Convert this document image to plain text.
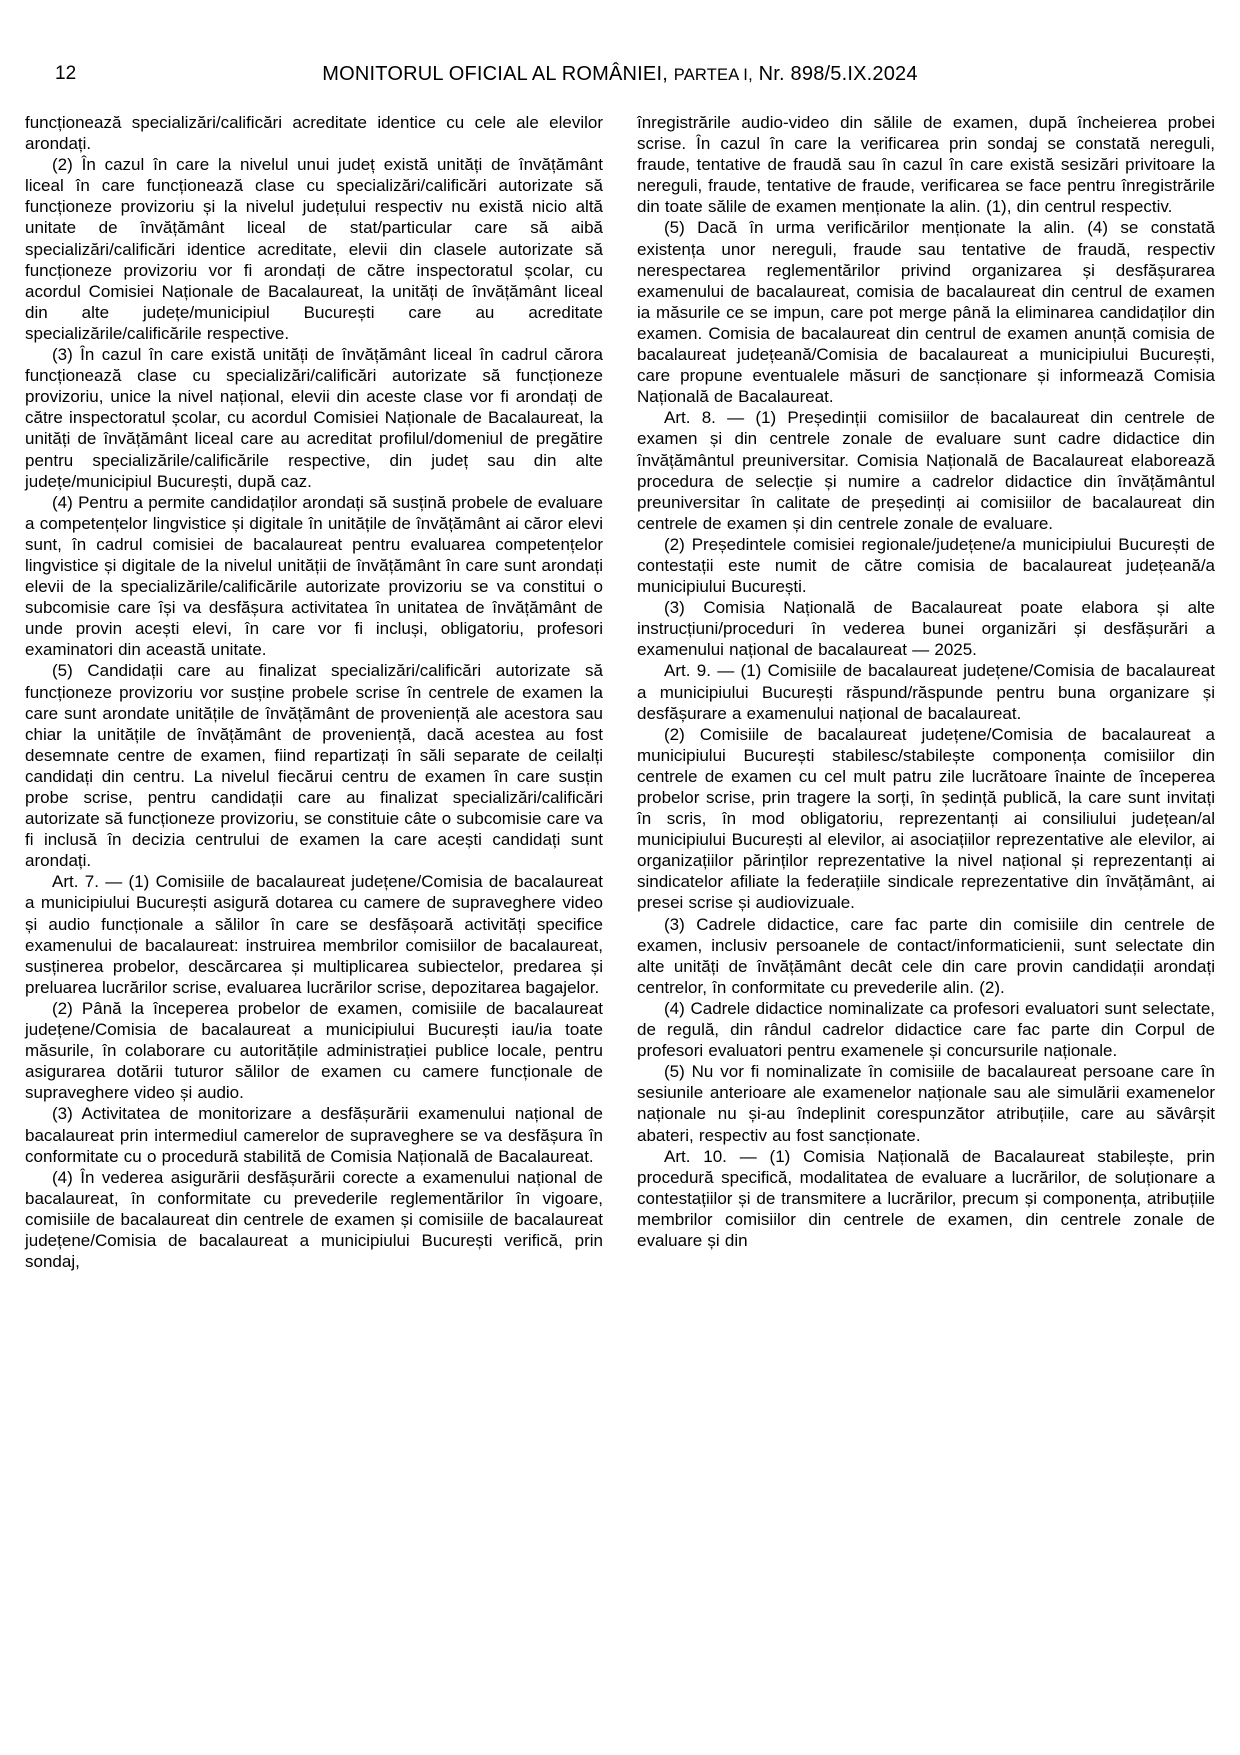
12	MONITORUL OFICIAL AL ROMÂNIEI, PARTEA I, Nr. 898/5.IX.2024

funcționează specializări/calificări acreditate identice cu cele ale elevilor arondați.

(2) În cazul în care la nivelul unui județ există unități de învățământ liceal în care funcționează clase cu specializări/calificări autorizate să funcționeze provizoriu și la nivelul județului respectiv nu există nicio altă unitate de învățământ liceal de stat/particular care să aibă specializări/calificări identice acreditate, elevii din clasele autorizate să funcționeze provizoriu vor fi arondați de către inspectoratul școlar, cu acordul Comisiei Naționale de Bacalaureat, la unități de învățământ liceal din alte județe/municipiul București care au acreditate specializările/calificările respective.

(3) În cazul în care există unități de învățământ liceal în cadrul cărora funcționează clase cu specializări/calificări autorizate să funcționeze provizoriu, unice la nivel național, elevii din aceste clase vor fi arondați de către inspectoratul școlar, cu acordul Comisiei Naționale de Bacalaureat, la unități de învățământ liceal care au acreditat profilul/domeniul de pregătire pentru specializările/calificările respective, din județ sau din alte județe/municipiul București, după caz.

(4) Pentru a permite candidaților arondați să susțină probele de evaluare a competențelor lingvistice și digitale în unitățile de învățământ ai căror elevi sunt, în cadrul comisiei de bacalaureat pentru evaluarea competențelor lingvistice și digitale de la nivelul unității de învățământ în care sunt arondați elevii de la specializările/calificările autorizate provizoriu se va constitui o subcomisie care își va desfășura activitatea în unitatea de învățământ de unde provin acești elevi, în care vor fi incluși, obligatoriu, profesori examinatori din această unitate.

(5) Candidații care au finalizat specializări/calificări autorizate să funcționeze provizoriu vor susține probele scrise în centrele de examen la care sunt arondate unitățile de învățământ de proveniență ale acestora sau chiar la unitățile de învățământ de proveniență, dacă acestea au fost desemnate centre de examen, fiind repartizați în săli separate de ceilalți candidați din centru. La nivelul fiecărui centru de examen în care susțin probe scrise, pentru candidații care au finalizat specializări/calificări autorizate să funcționeze provizoriu, se constituie câte o subcomisie care va fi inclusă în decizia centrului de examen la care acești candidați sunt arondați.

Art. 7. — (1) Comisiile de bacalaureat județene/Comisia de bacalaureat a municipiului București asigură dotarea cu camere de supraveghere video și audio funcționale a sălilor în care se desfășoară activități specifice examenului de bacalaureat: instruirea membrilor comisiilor de bacalaureat, susținerea probelor, descărcarea și multiplicarea subiectelor, predarea și preluarea lucrărilor scrise, evaluarea lucrărilor scrise, depozitarea bagajelor.

(2) Până la începerea probelor de examen, comisiile de bacalaureat județene/Comisia de bacalaureat a municipiului București iau/ia toate măsurile, în colaborare cu autoritățile administrației publice locale, pentru asigurarea dotării tuturor sălilor de examen cu camere funcționale de supraveghere video și audio.

(3) Activitatea de monitorizare a desfășurării examenului național de bacalaureat prin intermediul camerelor de supraveghere se va desfășura în conformitate cu o procedură stabilită de Comisia Națională de Bacalaureat.

(4) În vederea asigurării desfășurării corecte a examenului național de bacalaureat, în conformitate cu prevederile reglementărilor în vigoare, comisiile de bacalaureat din centrele de examen și comisiile de bacalaureat județene/Comisia de bacalaureat a municipiului București verifică, prin sondaj,

înregistrările audio-video din sălile de examen, după încheierea probei scrise. În cazul în care la verificarea prin sondaj se constată nereguli, fraude, tentative de fraudă sau în cazul în care există sesizări privitoare la nereguli, fraude, tentative de fraude, verificarea se face pentru înregistrările din toate sălile de examen menționate la alin. (1), din centrul respectiv.

(5) Dacă în urma verificărilor menționate la alin. (4) se constată existența unor nereguli, fraude sau tentative de fraudă, respectiv nerespectarea reglementărilor privind organizarea și desfășurarea examenului de bacalaureat, comisia de bacalaureat din centrul de examen ia măsurile ce se impun, care pot merge până la eliminarea candidaților din examen. Comisia de bacalaureat din centrul de examen anunță comisia de bacalaureat județeană/Comisia de bacalaureat a municipiului București, care propune eventualele măsuri de sancționare și informează Comisia Națională de Bacalaureat.

Art. 8. — (1) Președinții comisiilor de bacalaureat din centrele de examen și din centrele zonale de evaluare sunt cadre didactice din învățământul preuniversitar. Comisia Națională de Bacalaureat elaborează procedura de selecție și numire a cadrelor didactice din învățământul preuniversitar în calitate de președinți ai comisiilor de bacalaureat din centrele de examen și din centrele zonale de evaluare.

(2) Președintele comisiei regionale/județene/a municipiului București de contestații este numit de către comisia de bacalaureat județeană/a municipiului București.

(3) Comisia Națională de Bacalaureat poate elabora și alte instrucțiuni/proceduri în vederea bunei organizări și desfășurări a examenului național de bacalaureat — 2025.

Art. 9. — (1) Comisiile de bacalaureat județene/Comisia de bacalaureat a municipiului București răspund/răspunde pentru buna organizare și desfășurare a examenului național de bacalaureat.

(2) Comisiile de bacalaureat județene/Comisia de bacalaureat a municipiului București stabilesc/stabilește componența comisiilor din centrele de examen cu cel mult patru zile lucrătoare înainte de începerea probelor scrise, prin tragere la sorți, în ședință publică, la care sunt invitați în scris, în mod obligatoriu, reprezentanți ai consiliului județean/al municipiului București al elevilor, ai asociațiilor reprezentative ale elevilor, ai organizațiilor părinților reprezentative la nivel național și reprezentanți ai sindicatelor afiliate la federațiile sindicale reprezentative din învățământ, ai presei scrise și audiovizuale.

(3) Cadrele didactice, care fac parte din comisiile din centrele de examen, inclusiv persoanele de contact/informaticienii, sunt selectate din alte unități de învățământ decât cele din care provin candidații arondați centrelor, în conformitate cu prevederile alin. (2).

(4) Cadrele didactice nominalizate ca profesori evaluatori sunt selectate, de regulă, din rândul cadrelor didactice care fac parte din Corpul de profesori evaluatori pentru examenele și concursurile naționale.

(5) Nu vor fi nominalizate în comisiile de bacalaureat persoane care în sesiunile anterioare ale examenelor naționale sau ale simulării examenelor naționale nu și-au îndeplinit corespunzător atribuțiile, care au săvârșit abateri, respectiv au fost sancționate.

Art. 10. — (1) Comisia Națională de Bacalaureat stabilește, prin procedură specifică, modalitatea de evaluare a lucrărilor, de soluționare a contestațiilor și de transmitere a lucrărilor, precum și componența, atribuțiile membrilor comisiilor din centrele de examen, din centrele zonale de evaluare și din
